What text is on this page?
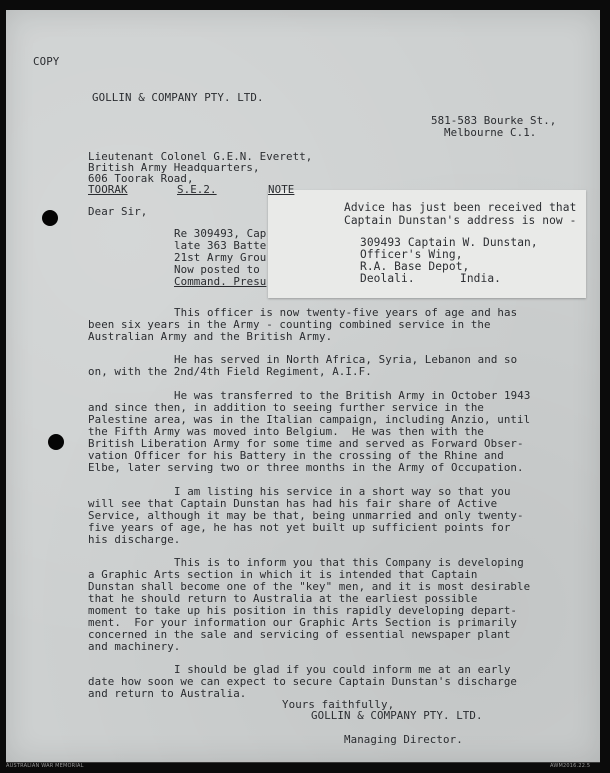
COPY
GOLLIN & COMPANY PTY. LTD.
581-583 Bourke St.,
Melbourne C.1.
Lieutenant Colonel G.E.N. Everett,
British Army Headquarters,
606 Toorak Road,
TOORAK	S.E.2.
Dear Sir,
Re 309493, Cap
late 363 Batte
21st Army Grou
Now posted to
Command. Presu
Advice has just been received that
Captain Dunstan's address is now -
309493 Captain W. Dunstan,
Officer's Wing,
R.A. Base Depot,
Deolali.	India.
NOTE
This officer is now twenty-five years of age and has
been six years in the Army - counting combined service in the
Australian Army and the British Army.
He has served in North Africa, Syria, Lebanon and so
on, with the 2nd/4th Field Regiment, A.I.F.
He was transferred to the British Army in October 1943
and since then, in addition to seeing further service in the
Palestine area, was in the Italian campaign, including Anzio, until
the Fifth Army was moved into Belgium.  He was then with the
British Liberation Army for some time and served as Forward Obser-
vation Officer for his Battery in the crossing of the Rhine and
Elbe, later serving two or three months in the Army of Occupation.
I am listing his service in a short way so that you
will see that Captain Dunstan has had his fair share of Active
Service, although it may be that, being unmarried and only twenty-
five years of age, he has not yet built up sufficient points for
his discharge.
This is to inform you that this Company is developing
a Graphic Arts section in which it is intended that Captain
Dunstan shall become one of the "key" men, and it is most desirable
that he should return to Australia at the earliest possible
moment to take up his position in this rapidly developing depart-
ment.  For your information our Graphic Arts Section is primarily
concerned in the sale and servicing of essential newspaper plant
and machinery.
I should be glad if you could inform me at an early
date how soon we can expect to secure Captain Dunstan's discharge
and return to Australia.
Yours faithfully,
GOLLIN & COMPANY PTY. LTD.
Managing Director.
AUSTRALIAN WAR MEMORIAL	AWM2016.22.5
